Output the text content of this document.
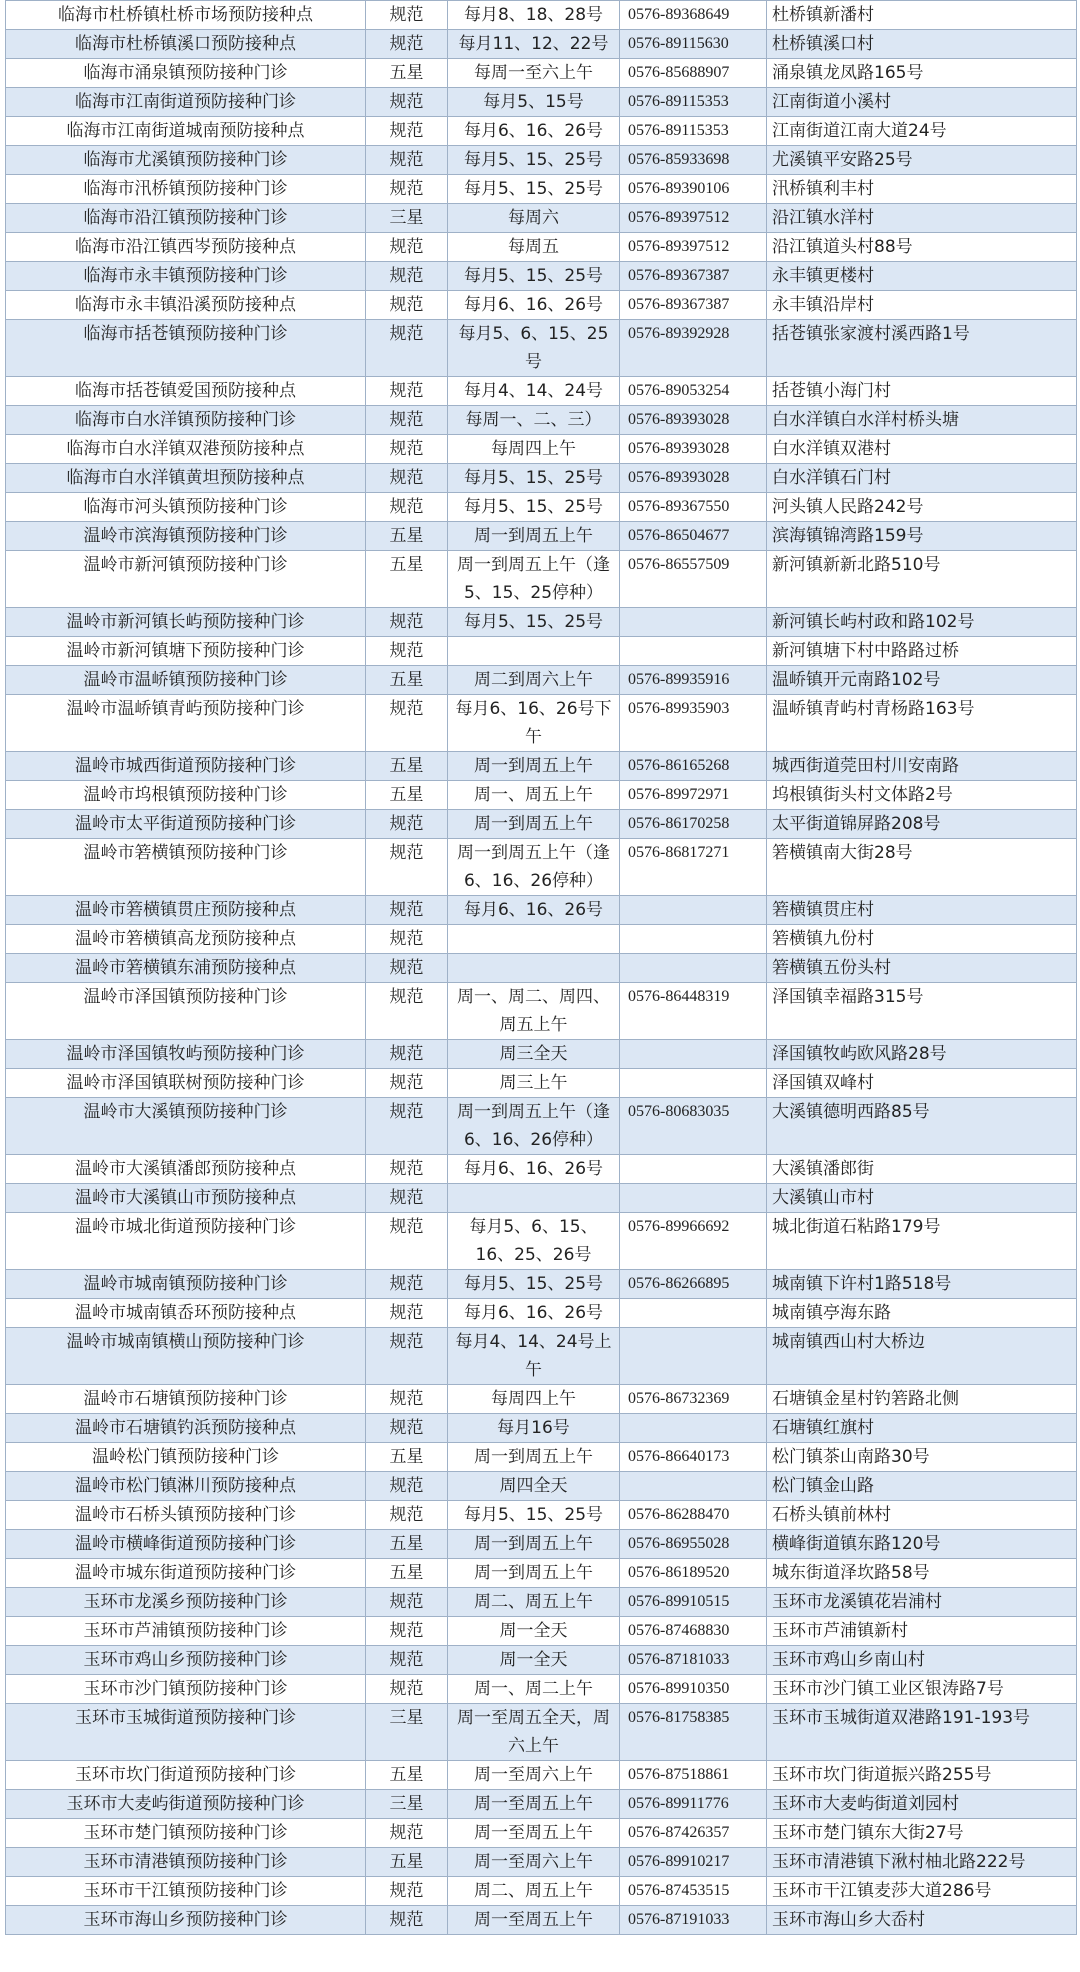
临海市杜桥镇杜桥市场预防接种点	规范	每月8、18、28号	0576-89368649	杜桥镇新潘村
临海市杜桥镇溪口预防接种点	规范	每月11、12、22号	0576-89115630	杜桥镇溪口村
临海市涌泉镇预防接种门诊	五星	每周一至六上午	0576-85688907	涌泉镇龙凤路165号
临海市江南街道预防接种门诊	规范	每月5、15号	0576-89115353	江南街道小溪村
临海市江南街道城南预防接种点	规范	每月6、16、26号	0576-89115353	江南街道江南大道24号
临海市尤溪镇预防接种门诊	规范	每月5、15、25号	0576-85933698	尤溪镇平安路25号
临海市汛桥镇预防接种门诊	规范	每月5、15、25号	0576-89390106	汛桥镇利丰村
临海市沿江镇预防接种门诊	三星	每周六	0576-89397512	沿江镇水洋村
临海市沿江镇西岑预防接种点	规范	每周五	0576-89397512	沿江镇道头村88号
临海市永丰镇预防接种门诊	规范	每月5、15、25号	0576-89367387	永丰镇更楼村
临海市永丰镇沿溪预防接种点	规范	每月6、16、26号	0576-89367387	永丰镇沿岸村
临海市括苍镇预防接种门诊	规范	每月5、6、15、25号	0576-89392928	括苍镇张家渡村溪西路1号
临海市括苍镇爱国预防接种点	规范	每月4、14、24号	0576-89053254	括苍镇小海门村
临海市白水洋镇预防接种门诊	规范	每周一、二、三）	0576-89393028	白水洋镇白水洋村桥头塘
临海市白水洋镇双港预防接种点	规范	每周四上午	0576-89393028	白水洋镇双港村
临海市白水洋镇黄坦预防接种点	规范	每月5、15、25号	0576-89393028	白水洋镇石门村
临海市河头镇预防接种门诊	规范	每月5、15、25号	0576-89367550	河头镇人民路242号
温岭市滨海镇预防接种门诊	五星	周一到周五上午	0576-86504677	滨海镇锦湾路159号
温岭市新河镇预防接种门诊	五星	周一到周五上午（逢5、15、25停种）	0576-86557509	新河镇新新北路510号
温岭市新河镇长屿预防接种门诊	规范	每月5、15、25号		新河镇长屿村政和路102号
温岭市新河镇塘下预防接种门诊	规范			新河镇塘下村中路路过桥
温岭市温峤镇预防接种门诊	五星	周二到周六上午	0576-89935916	温峤镇开元南路102号
温岭市温峤镇青屿预防接种门诊	规范	每月6、16、26号下午	0576-89935903	温峤镇青屿村青杨路163号
温岭市城西街道预防接种门诊	五星	周一到周五上午	0576-86165268	城西街道莞田村川安南路
温岭市坞根镇预防接种门诊	五星	周一、周五上午	0576-89972971	坞根镇街头村文体路2号
温岭市太平街道预防接种门诊	规范	周一到周五上午	0576-86170258	太平街道锦屏路208号
温岭市箬横镇预防接种门诊	规范	周一到周五上午（逢6、16、26停种）	0576-86817271	箬横镇南大街28号
温岭市箬横镇贯庄预防接种点	规范	每月6、16、26号		箬横镇贯庄村
温岭市箬横镇高龙预防接种点	规范			箬横镇九份村
温岭市箬横镇东浦预防接种点	规范			箬横镇五份头村
温岭市泽国镇预防接种门诊	规范	周一、周二、周四、周五上午	0576-86448319	泽国镇幸福路315号
温岭市泽国镇牧屿预防接种门诊	规范	周三全天		泽国镇牧屿欧风路28号
温岭市泽国镇联树预防接种门诊	规范	周三上午		泽国镇双峰村
温岭市大溪镇预防接种门诊	规范	周一到周五上午（逢6、16、26停种）	0576-80683035	大溪镇德明西路85号
温岭市大溪镇潘郎预防接种点	规范	每月6、16、26号		大溪镇潘郎街
温岭市大溪镇山市预防接种点	规范			大溪镇山市村
温岭市城北街道预防接种门诊	规范	每月5、6、15、16、25、26号	0576-89966692	城北街道石粘路179号
温岭市城南镇预防接种门诊	规范	每月5、15、25号	0576-86266895	城南镇下许村1路518号
温岭市城南镇岙环预防接种点	规范	每月6、16、26号		城南镇亭海东路
温岭市城南镇横山预防接种门诊	规范	每月4、14、24号上午		城南镇西山村大桥边
温岭市石塘镇预防接种门诊	规范	每周四上午	0576-86732369	石塘镇金星村钓箬路北侧
温岭市石塘镇钓浜预防接种点	规范	每月16号		石塘镇红旗村
温岭松门镇预防接种门诊	五星	周一到周五上午	0576-86640173	松门镇茶山南路30号
温岭市松门镇淋川预防接种点	规范	周四全天		松门镇金山路
温岭市石桥头镇预防接种门诊	规范	每月5、15、25号	0576-86288470	石桥头镇前林村
温岭市横峰街道预防接种门诊	五星	周一到周五上午	0576-86955028	横峰街道镇东路120号
温岭市城东街道预防接种门诊	五星	周一到周五上午	0576-86189520	城东街道泽坎路58号
玉环市龙溪乡预防接种门诊	规范	周二、周五上午	0576-89910515	玉环市龙溪镇花岩浦村
玉环市芦浦镇预防接种门诊	规范	周一全天	0576-87468830	玉环市芦浦镇新村
玉环市鸡山乡预防接种门诊	规范	周一全天	0576-87181033	玉环市鸡山乡南山村
玉环市沙门镇预防接种门诊	规范	周一、周二上午	0576-89910350	玉环市沙门镇工业区银涛路7号
玉环市玉城街道预防接种门诊	三星	周一至周五全天，周六上午	0576-81758385	玉环市玉城街道双港路191-193号
玉环市坎门街道预防接种门诊	五星	周一至周六上午	0576-87518861	玉环市坎门街道振兴路255号
玉环市大麦屿街道预防接种门诊	三星	周一至周五上午	0576-89911776	玉环市大麦屿街道刘园村
玉环市楚门镇预防接种门诊	规范	周一至周五上午	0576-87426357	玉环市楚门镇东大街27号
玉环市清港镇预防接种门诊	五星	周一至周六上午	0576-89910217	玉环市清港镇下湫村柚北路222号
玉环市干江镇预防接种门诊	规范	周二、周五上午	0576-87453515	玉环市干江镇麦莎大道286号
玉环市海山乡预防接种门诊	规范	周一至周五上午	0576-87191033	玉环市海山乡大岙村
